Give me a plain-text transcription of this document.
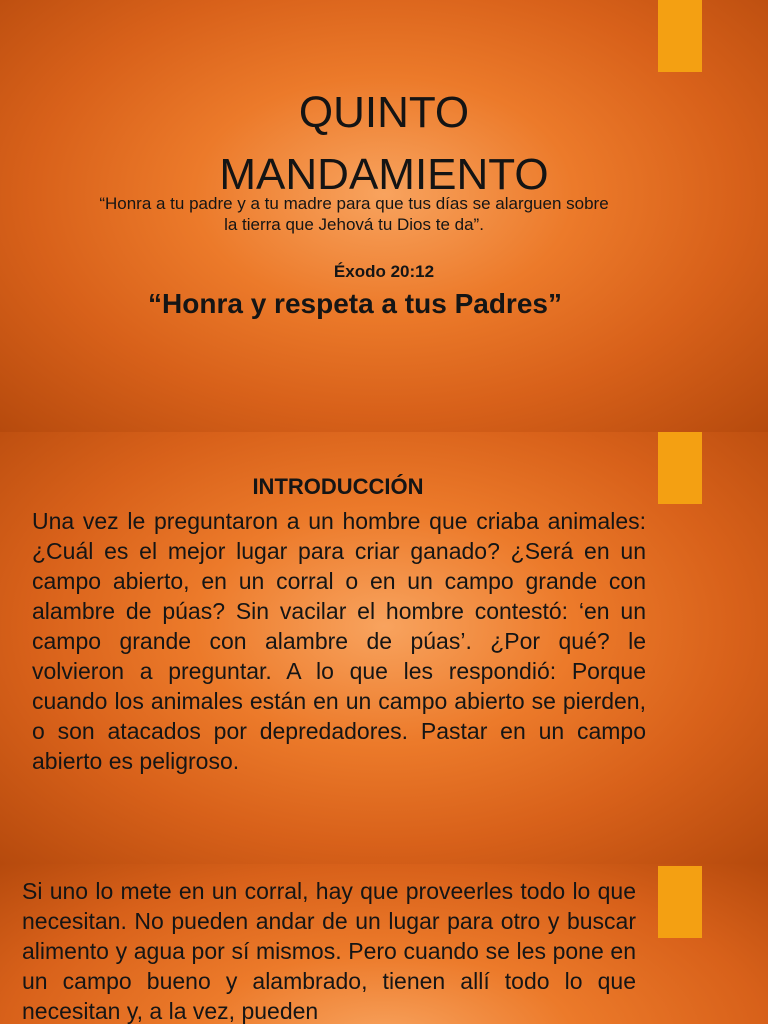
QUINTO
MANDAMIENTO
“Honra a tu padre y a tu madre para que tus días se alarguen sobre
la tierra que Jehová tu Dios te da”.
Éxodo 20:12
“Honra y respeta a tus Padres”
INTRODUCCIÓN
Una vez le preguntaron a un hombre que criaba animales: ¿Cuál es el mejor lugar para criar ganado? ¿Será en un campo abierto, en un corral o en un campo grande con alambre de púas? Sin vacilar el hombre contestó: ‘en un campo grande con alambre de púas’. ¿Por qué? le volvieron a preguntar. A lo que les respondió: Porque cuando los animales están en un campo abierto se pierden, o son atacados por depredadores. Pastar en un campo abierto es peligroso.
Si uno lo mete en un corral, hay que proveerles todo lo que necesitan. No pueden andar de un lugar para otro y buscar alimento y agua por sí mismos. Pero cuando se les pone en un campo bueno y alambrado, tienen allí todo lo que necesitan y, a la vez, pueden
